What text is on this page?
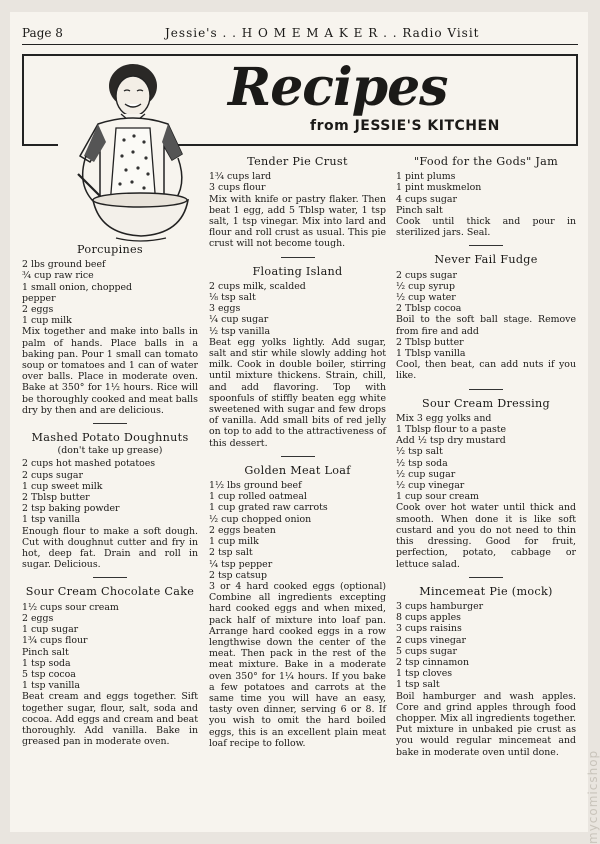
Page 8	Jessie's . . H O M E M A K E R . . Radio Visit
Recipes
from JESSIE'S KITCHEN
Porcupines
2 lbs ground beef
¾ cup raw rice
1 small onion, chopped
pepper
2 eggs
1 cup milk

Mix together and make into balls in palm of hands. Place balls in a baking pan. Pour 1 small can tomato soup or tomatoes and 1 can of water over balls. Place in moderate oven. Bake at 350° for 1½ hours. Rice will be thoroughly cooked and meat balls dry by then and are delicious.

Mashed Potato Doughnuts
(don't take up grease)
2 cups hot mashed potatoes
2 cups sugar
1 cup sweet milk
2 Tblsp butter
2 tsp baking powder
1 tsp vanilla

Enough flour to make a soft dough. Cut with doughnut cutter and fry in hot, deep fat. Drain and roll in sugar. Delicious.

Sour Cream Chocolate Cake
1½ cups sour cream
2 eggs
1 cup sugar
1¾ cups flour
Pinch salt
1 tsp soda
5 tsp cocoa
1 tsp vanilla

Beat cream and eggs together. Sift together sugar, flour, salt, soda and cocoa. Add eggs and cream and beat thoroughly. Add vanilla. Bake in greased pan in moderate oven.

Tender Pie Crust
1¾ cups lard
3 cups flour

Mix with knife or pastry flaker. Then beat 1 egg, add 5 Tblsp water, 1 tsp salt, 1 tsp vinegar. Mix into lard and flour and roll crust as usual. This pie crust will not become tough.

Floating Island
2 cups milk, scalded
⅛ tsp salt
3 eggs
¼ cup sugar
½ tsp vanilla

Beat egg yolks lightly. Add sugar, salt and stir while slowly adding hot milk. Cook in double boiler, stirring until mixture thickens. Strain, chill, and add flavoring. Top with spoonfuls of stiffly beaten egg white sweetened with sugar and few drops of vanilla. Add small bits of red jelly on top to add to the attractiveness of this dessert.

Golden Meat Loaf
1½ lbs ground beef
1 cup rolled oatmeal
1 cup grated raw carrots
½ cup chopped onion
2 eggs beaten
1 cup milk
2 tsp salt
¼ tsp pepper
2 tsp catsup

3 or 4 hard cooked eggs (optional) Combine all ingredients excepting hard cooked eggs and when mixed, pack half of mixture into loaf pan. Arrange hard cooked eggs in a row lengthwise down the center of the meat. Then pack in the rest of the meat mixture. Bake in a moderate oven 350° for 1¼ hours. If you bake a few potatoes and carrots at the same time you will have an easy, tasty oven dinner, serving 6 or 8. If you wish to omit the hard boiled eggs, this is an excellent plain meat loaf recipe to follow.

"Food for the Gods" Jam
1 pint plums
1 pint muskmelon
4 cups sugar
Pinch salt

Cook until thick and pour in sterilized jars. Seal.

Never Fail Fudge
2 cups sugar
½ cup syrup
½ cup water
2 Tblsp cocoa

Boil to the soft ball stage. Remove from fire and add

2 Tblsp butter
1 Tblsp vanilla

Cool, then beat, can add nuts if you like.

Sour Cream Dressing
Mix 3 egg yolks and
1 Tblsp flour to a paste
Add ½ tsp dry mustard
½ tsp salt
½ tsp soda
½ cup sugar
½ cup vinegar
1 cup sour cream

Cook over hot water until thick and smooth. When done it is like soft custard and you do not need to thin this dressing. Good for fruit, perfection, potato, cabbage or lettuce salad.

Mincemeat Pie (mock)
3 cups hamburger
8 cups apples
3 cups raisins
2 cups vinegar
5 cups sugar
2 tsp cinnamon
1 tsp cloves
1 tsp salt

Boil hamburger and wash apples. Core and grind apples through food chopper. Mix all ingredients together. Put mixture in unbaked pie crust as you would regular mincemeat and bake in moderate oven until done.	mycomicshop
